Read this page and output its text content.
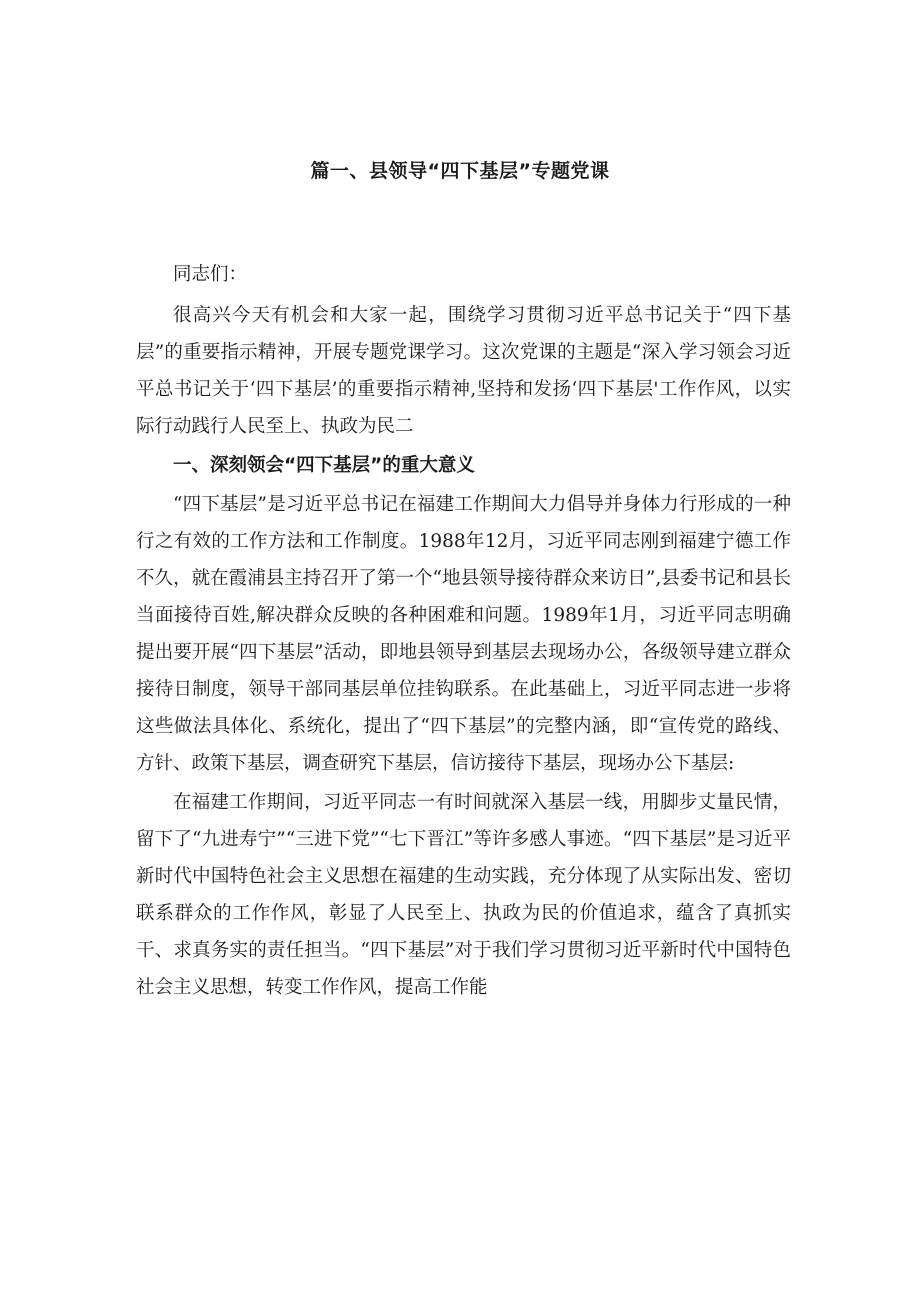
篇一、县领导“四下基层”专题党课

同志们：

很高兴今天有机会和大家一起，围绕学习贯彻习近平总书记关于“四下基层”的重要指示精神，开展专题党课学习。这次党课的主题是“深入学习领会习近平总书记关于‘四下基层’的重要指示精神,坚持和发扬‘四下基层'工作作风，以实际行动践行人民至上、执政为民二

一、深刻领会“四下基层”的重大意义

“四下基层”是习近平总书记在福建工作期间大力倡导并身体力行形成的一种行之有效的工作方法和工作制度。1988年12月，习近平同志刚到福建宁德工作不久，就在霞浦县主持召开了第一个“地县领导接待群众来访日”,县委书记和县长当面接待百姓,解决群众反映的各种困难和问题。1989年1月，习近平同志明确提出要开展“四下基层”活动，即地县领导到基层去现场办公，各级领导建立群众接待日制度，领导干部同基层单位挂钩联系。在此基础上，习近平同志进一步将这些做法具体化、系统化，提出了“四下基层”的完整内涵，即“宣传党的路线、方针、政策下基层，调查研究下基层，信访接待下基层，现场办公下基层:

在福建工作期间，习近平同志一有时间就深入基层一线，用脚步丈量民情，留下了“九进寿宁”“三进下党”“七下晋江”等许多感人事迹。“四下基层”是习近平新时代中国特色社会主义思想在福建的生动实践，充分体现了从实际出发、密切联系群众的工作作风，彰显了人民至上、执政为民的价值追求，蕴含了真抓实干、求真务实的责任担当。“四下基层”对于我们学习贯彻习近平新时代中国特色社会主义思想，转变工作作风，提高工作能
